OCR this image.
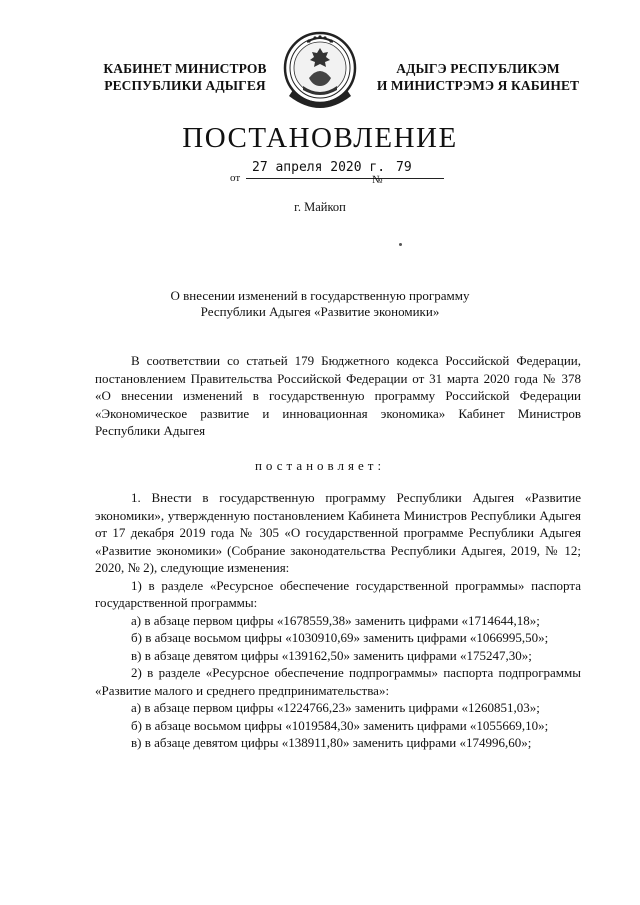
КАБИНЕТ МИНИСТРОВ
РЕСПУБЛИКИ АДЫГЕЯ
АДЫГЭ РЕСПУБЛИКЭМ
И МИНИСТРЭМЭ Я КАБИНЕТ
ПОСТАНОВЛЕНИЕ
от
27 апреля 2020 г.
№
79
г. Майкоп
О внесении изменений в государственную программу
Республики Адыгея «Развитие экономики»
В соответствии со статьей 179 Бюджетного кодекса Российской Федерации, постановлением Правительства Российской Федерации от 31 марта 2020 года № 378 «О внесении изменений в государственную программу Российской Федерации «Экономическое развитие и инновационная экономика» Кабинет Министров Республики Адыгея
постановляет:
1. Внести в государственную программу Республики Адыгея «Развитие экономики», утвержденную постановлением Кабинета Министров Республики Адыгея от 17 декабря 2019 года № 305 «О государственной программе Республики Адыгея «Развитие экономики» (Собрание законодательства Республики Адыгея, 2019, № 12; 2020, № 2), следующие изменения:
1) в разделе «Ресурсное обеспечение государственной программы» паспорта государственной программы:
а) в абзаце первом цифры «1678559,38» заменить цифрами «1714644,18»;
б) в абзаце восьмом цифры «1030910,69» заменить цифрами «1066995,50»;
в) в абзаце девятом цифры «139162,50» заменить цифрами «175247,30»;
2) в разделе «Ресурсное обеспечение подпрограммы» паспорта подпрограммы «Развитие малого и среднего предпринимательства»:
а) в абзаце первом цифры «1224766,23» заменить цифрами «1260851,03»;
б) в абзаце восьмом цифры «1019584,30» заменить цифрами «1055669,10»;
в) в абзаце девятом цифры «138911,80» заменить цифрами «174996,60»;
